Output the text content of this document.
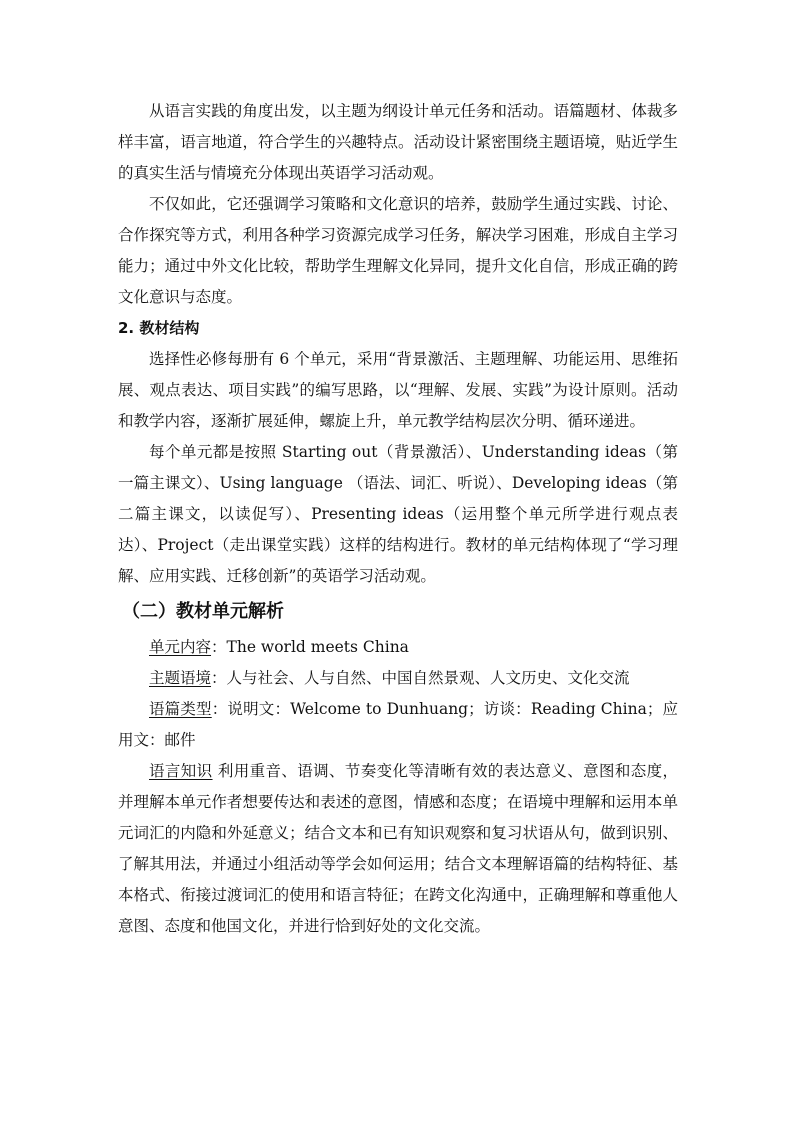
从语言实践的角度出发，以主题为纲设计单元任务和活动。语篇题材、体裁多样丰富，语言地道，符合学生的兴趣特点。活动设计紧密围绕主题语境，贴近学生的真实生活与情境充分体现出英语学习活动观。

不仅如此，它还强调学习策略和文化意识的培养，鼓励学生通过实践、讨论、合作探究等方式，利用各种学习资源完成学习任务，解决学习困难，形成自主学习能力；通过中外文化比较，帮助学生理解文化异同，提升文化自信，形成正确的跨文化意识与态度。

2. 教材结构

选择性必修每册有 6 个单元，采用“背景激活、主题理解、功能运用、思维拓展、观点表达、项目实践”的编写思路，以“理解、发展、实践”为设计原则。活动和教学内容，逐渐扩展延伸，螺旋上升，单元教学结构层次分明、循环递进。

每个单元都是按照 Starting out（背景激活）、Understanding ideas（第一篇主课文）、Using language （语法、词汇、听说）、Developing ideas（第二篇主课文，以读促写）、Presenting ideas（运用整个单元所学进行观点表达）、Project（走出课堂实践）这样的结构进行。教材的单元结构体现了“学习理解、应用实践、迁移创新”的英语学习活动观。

（二）教材单元解析

单元内容：The world meets China

主题语境：人与社会、人与自然、中国自然景观、人文历史、文化交流

语篇类型：说明文：Welcome to Dunhuang；访谈：Reading China；应用文：邮件

语言知识 利用重音、语调、节奏变化等清晰有效的表达意义、意图和态度，并理解本单元作者想要传达和表述的意图，情感和态度；在语境中理解和运用本单元词汇的内隐和外延意义；结合文本和已有知识观察和复习状语从句，做到识别、了解其用法，并通过小组活动等学会如何运用；结合文本理解语篇的结构特征、基本格式、衔接过渡词汇的使用和语言特征；在跨文化沟通中，正确理解和尊重他人意图、态度和他国文化，并进行恰到好处的文化交流。
